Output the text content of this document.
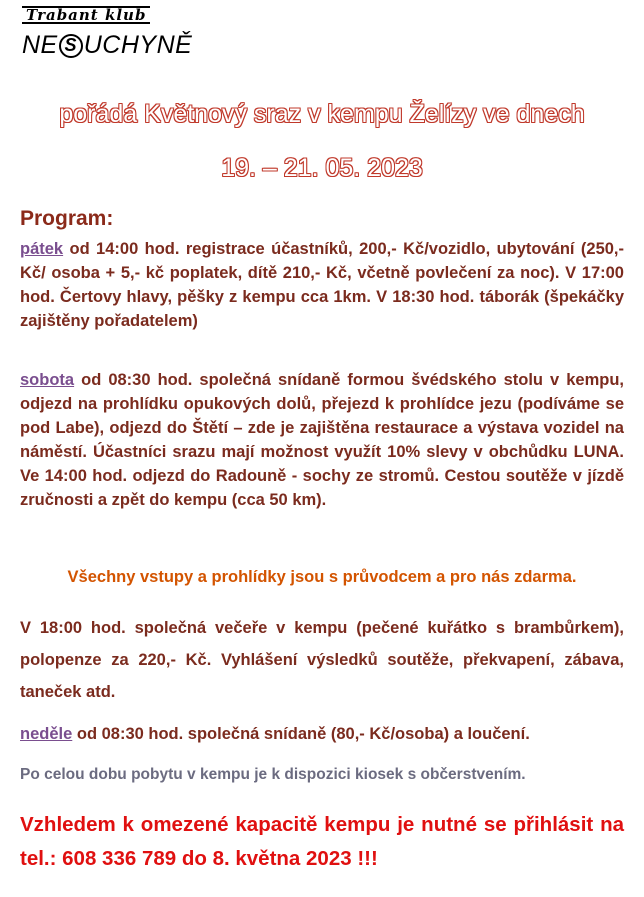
Trabant klub
NE S UCHYNĚ
pořádá Květnový sraz v kempu Želízy ve dnech
19. – 21. 05. 2023
Program:

pátek od 14:00 hod. registrace účastníků, 200,- Kč/vozidlo, ubytování (250,- Kč/ osoba + 5,- kč poplatek, dítě 210,- Kč, včetně povlečení za noc). V 17:00 hod. Čertovy hlavy, pěšky z kempu cca 1km. V 18:30 hod. táborák (špekáčky zajištěny pořadatelem)

sobota od 08:30 hod. společná snídaně formou švédského stolu v kempu, odjezd na prohlídku opukových dolů, přejezd k prohlídce jezu (podíváme se pod Labe), odjezd do Štětí – zde je zajištěna restaurace a výstava vozidel na náměstí. Účastníci srazu mají možnost využít 10% slevy v obchůdku LUNA. Ve 14:00 hod. odjezd do Radouně - sochy ze stromů. Cestou soutěže v jízdě zručnosti a zpět do kempu (cca 50 km).

Všechny vstupy a prohlídky jsou s průvodcem a pro nás zdarma.

V 18:00 hod. společná večeře v kempu (pečené kuřátko s brambůrkem), polopenze za 220,- Kč. Vyhlášení výsledků soutěže, překvapení, zábava, taneček atd.

neděle od 08:30 hod. společná snídaně (80,- Kč/osoba) a loučení.

Po celou dobu pobytu v kempu je k dispozici kiosek s občerstvením.

Vzhledem k omezené kapacitě kempu je nutné se přihlásit na tel.: 608 336 789 do 8. května 2023 !!!
